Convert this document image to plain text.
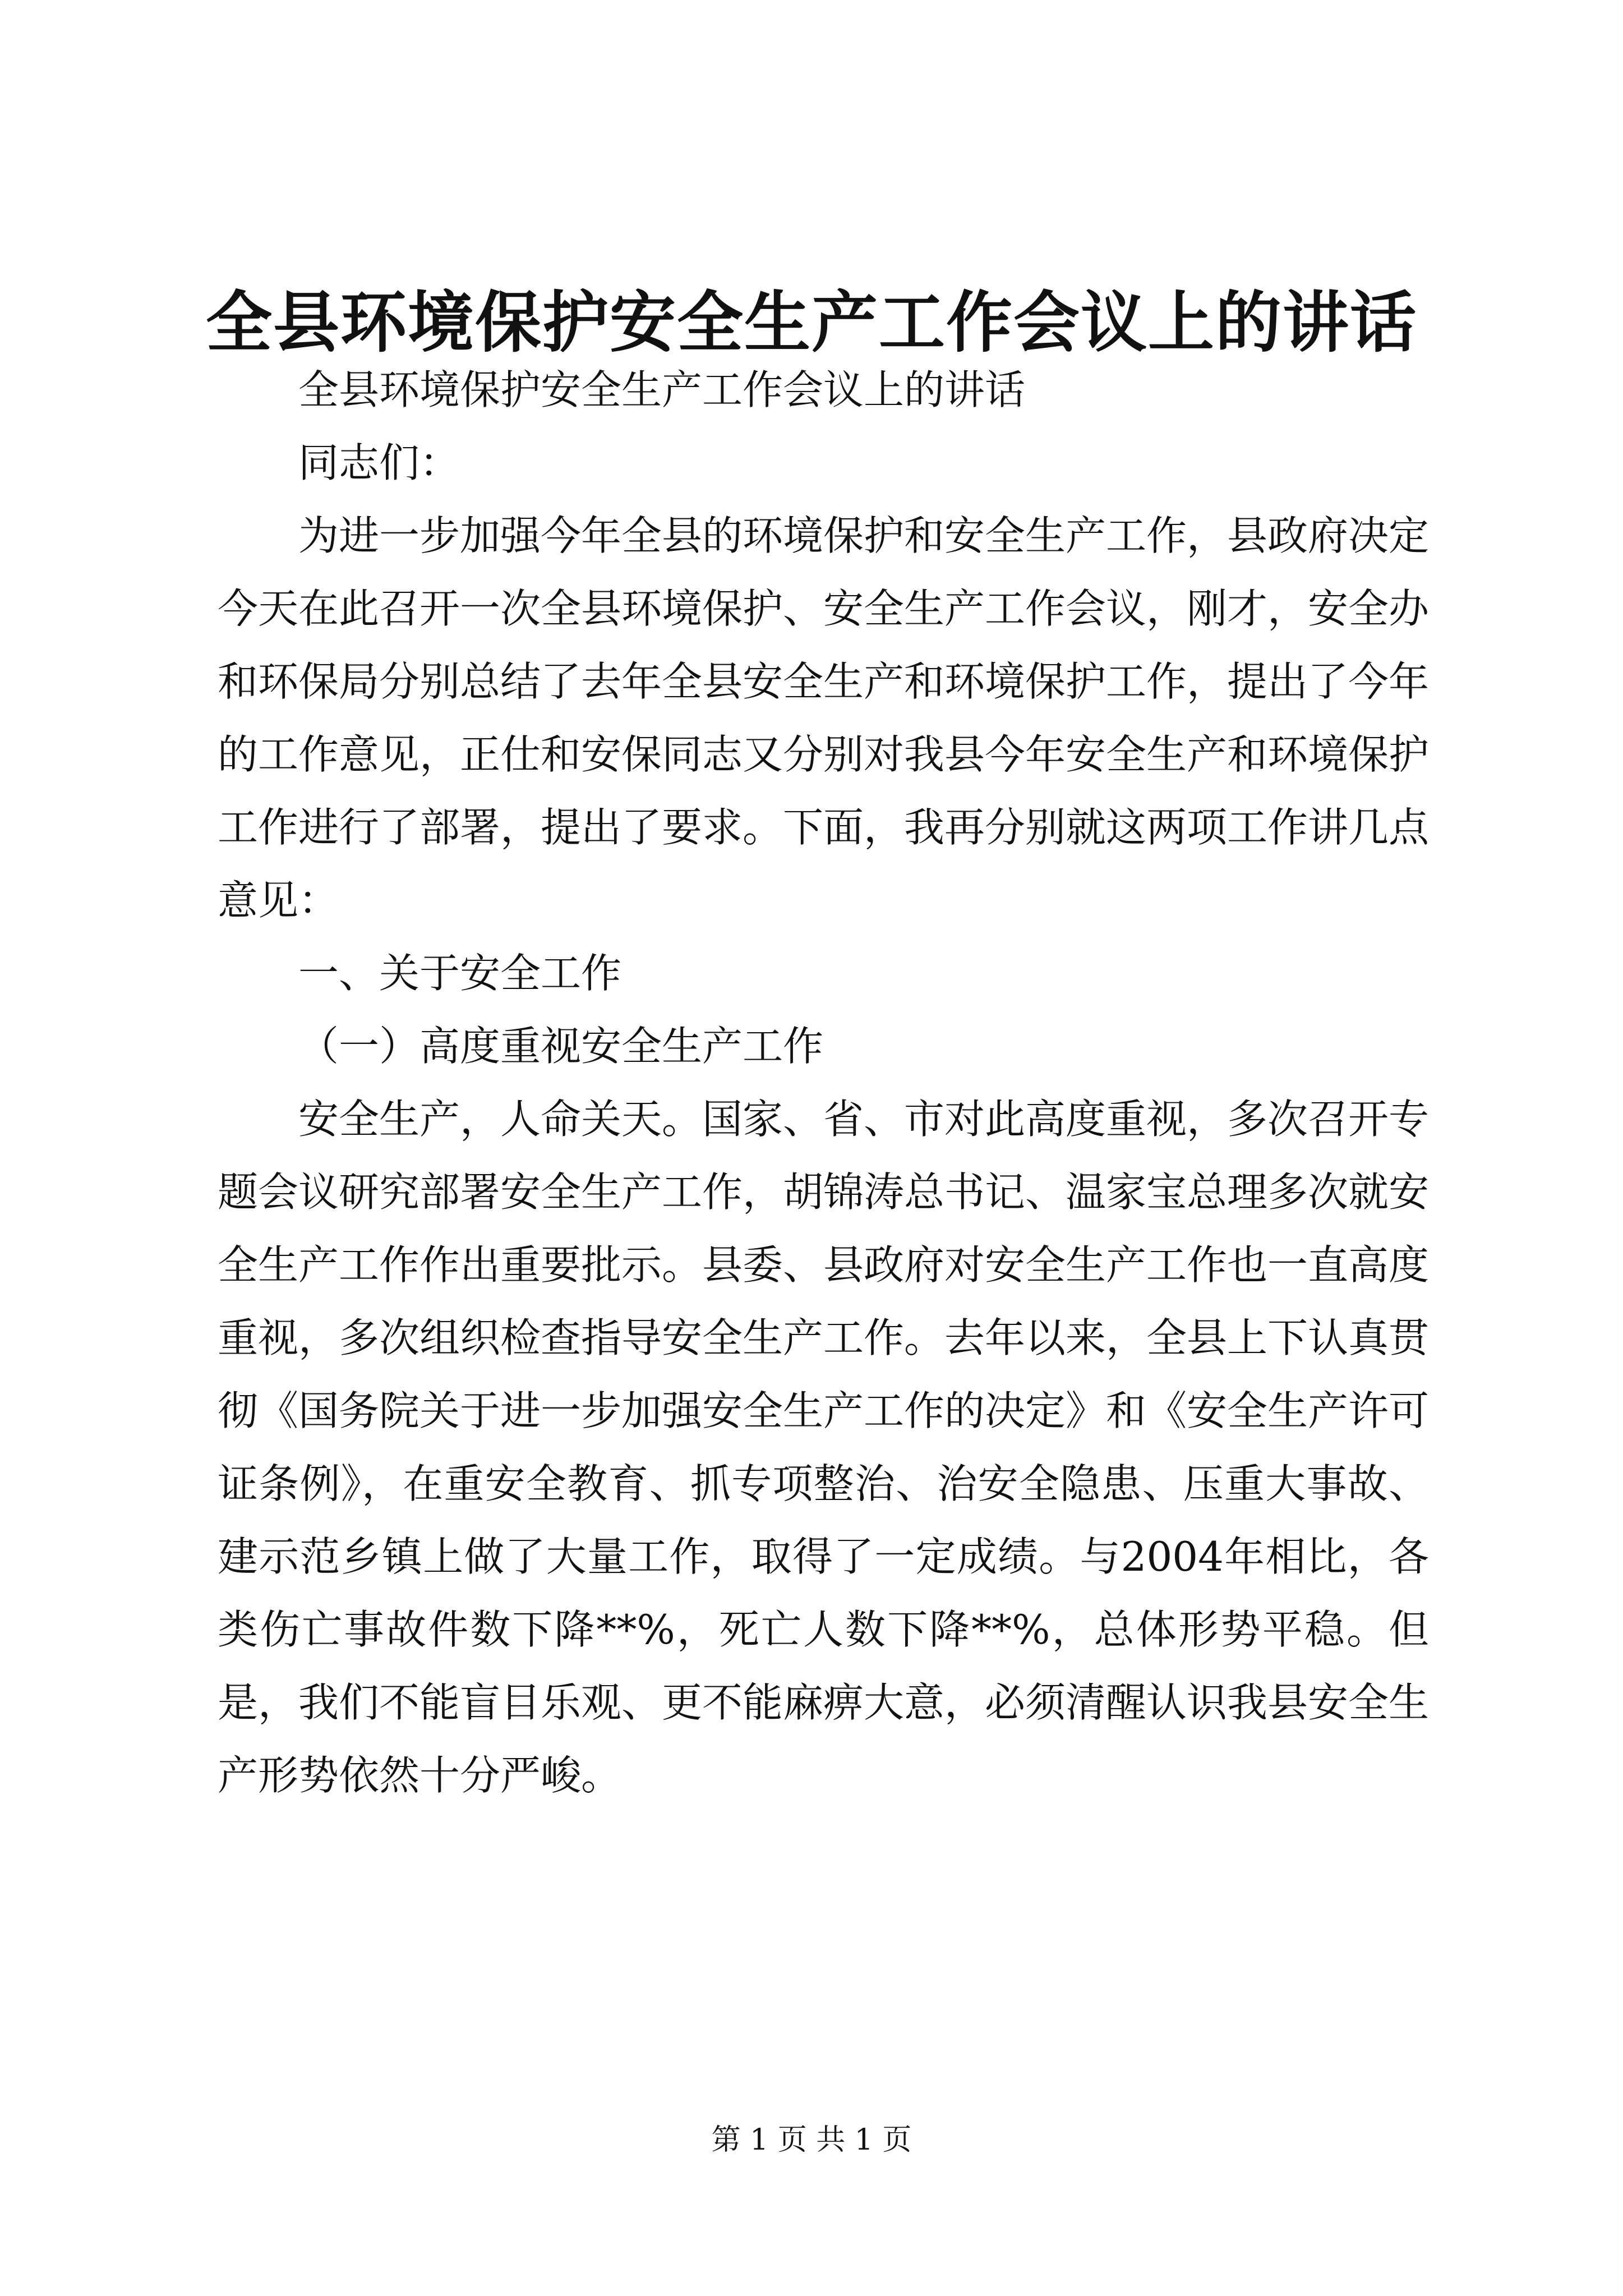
全县环境保护安全生产工作会议上的讲话

全县环境保护安全生产工作会议上的讲话

同志们：

为进一步加强今年全县的环境保护和安全生产工作，县政府决定今天在此召开一次全县环境保护、安全生产工作会议，刚才，安全办和环保局分别总结了去年全县安全生产和环境保护工作，提出了今年的工作意见，正仕和安保同志又分别对我县今年安全生产和环境保护工作进行了部署，提出了要求。下面，我再分别就这两项工作讲几点意见：

一、关于安全工作

（一）高度重视安全生产工作

安全生产，人命关天。国家、省、市对此高度重视，多次召开专题会议研究部署安全生产工作，胡锦涛总书记、温家宝总理多次就安全生产工作作出重要批示。县委、县政府对安全生产工作也一直高度重视，多次组织检查指导安全生产工作。去年以来，全县上下认真贯彻《国务院关于进一步加强安全生产工作的决定》和《安全生产许可证条例》，在重安全教育、抓专项整治、治安全隐患、压重大事故、建示范乡镇上做了大量工作，取得了一定成绩。与2004年相比，各类伤亡事故件数下降**%，死亡人数下降**%，总体形势平稳。但是，我们不能盲目乐观、更不能麻痹大意，必须清醒认识我县安全生产形势依然十分严峻。

第 1 页 共 1 页
